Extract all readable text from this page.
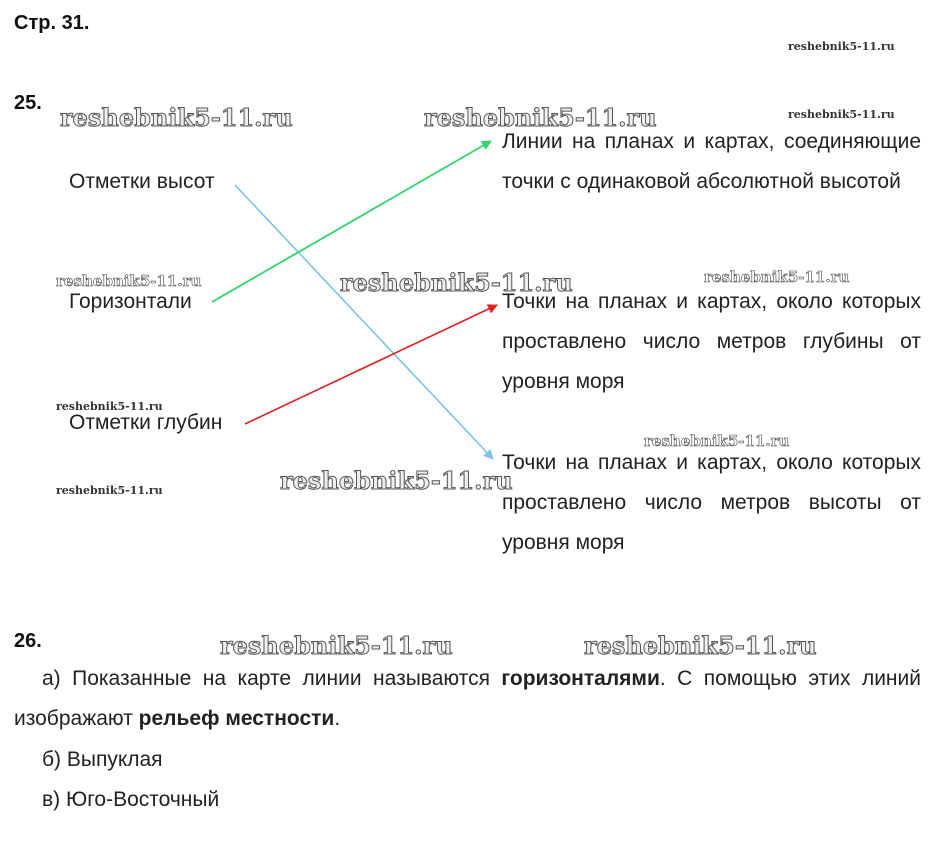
Стр. 31.
reshebnik5-11.ru
reshebnik5-11.ru	reshebnik5-11.ru	reshebnik5-11.ru
reshebnik5-11.ru	reshebnik5-11.ru	reshebnik5-11.ru
reshebnik5-11.ru
reshebnik5-11.ru
reshebnik5-11.ru
reshebnik5-11.ru
reshebnik5-11.ru	reshebnik5-11.ru
25.
Отметки высот
Горизонтали
Отметки глубин
Линии на планах и картах, соединяющие точки с одинаковой абсолютной высотой
Точки на планах и картах, около которых проставлено число метров глубины от уровня моря
Точки на планах и картах, около которых проставлено число метров высоты от уровня моря
26.
а) Показанные на карте линии называются горизонталями. С помощью этих линий изображают рельеф местности.
б) Выпуклая
в) Юго-Восточный
